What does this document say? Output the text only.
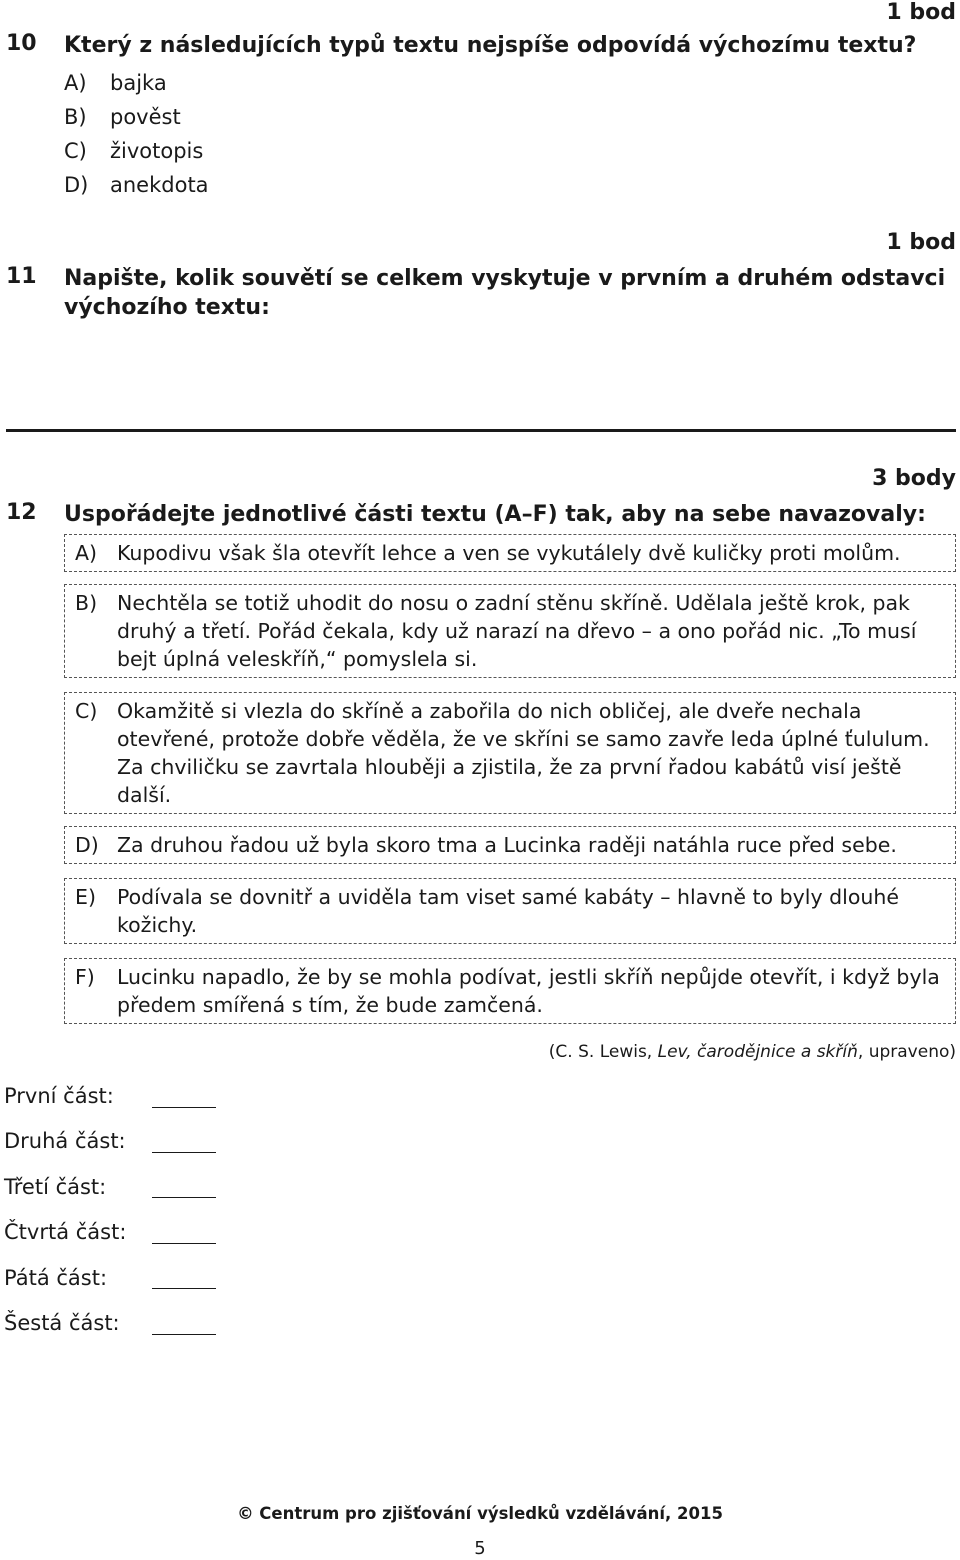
10 Který z následujících typů textu nejspíše odpovídá výchozímu textu?
1 bod
A) bajka
B) pověst
C) životopis
D) anekdota
1 bod
11 Napište, kolik souvětí se celkem vyskytuje v prvním a druhém odstavci
výchozího textu:
3 body
12 Uspořádejte jednotlivé části textu (A–F) tak, aby na sebe navazovaly:
A) Kupodivu však šla otevřít lehce a ven se vykutálely dvě kuličky proti molům.
B) Nechtěla se totiž uhodit do nosu o zadní stěnu skříně. Udělala ještě krok, pak druhý a třetí. Pořád čekala, kdy už narazí na dřevo – a ono pořád nic. „To musí bejt úplná veleskříň,“ pomyslela si.
C) Okamžitě si vlezla do skříně a zabořila do nich obličej, ale dveře nechala otevřené, protože dobře věděla, že ve skříni se samo zavře leda úplné ťululum. Za chviličku se zavrtala hlouběji a zjistila, že za první řadou kabátů visí ještě další.
D) Za druhou řadou už byla skoro tma a Lucinka raději natáhla ruce před sebe.
E) Podívala se dovnitř a uviděla tam viset samé kabáty – hlavně to byly dlouhé kožichy.
F) Lucinku napadlo, že by se mohla podívat, jestli skříň nepůjde otevřít, i když byla předem smířená s tím, že bude zamčená.
(C. S. Lewis, Lev, čarodějnice a skříň, upraveno)
První část:
Druhá část:
Třetí část:
Čtvrtá část:
Pátá část:
Šestá část:
© Centrum pro zjišťování výsledků vzdělávání, 2015
5
